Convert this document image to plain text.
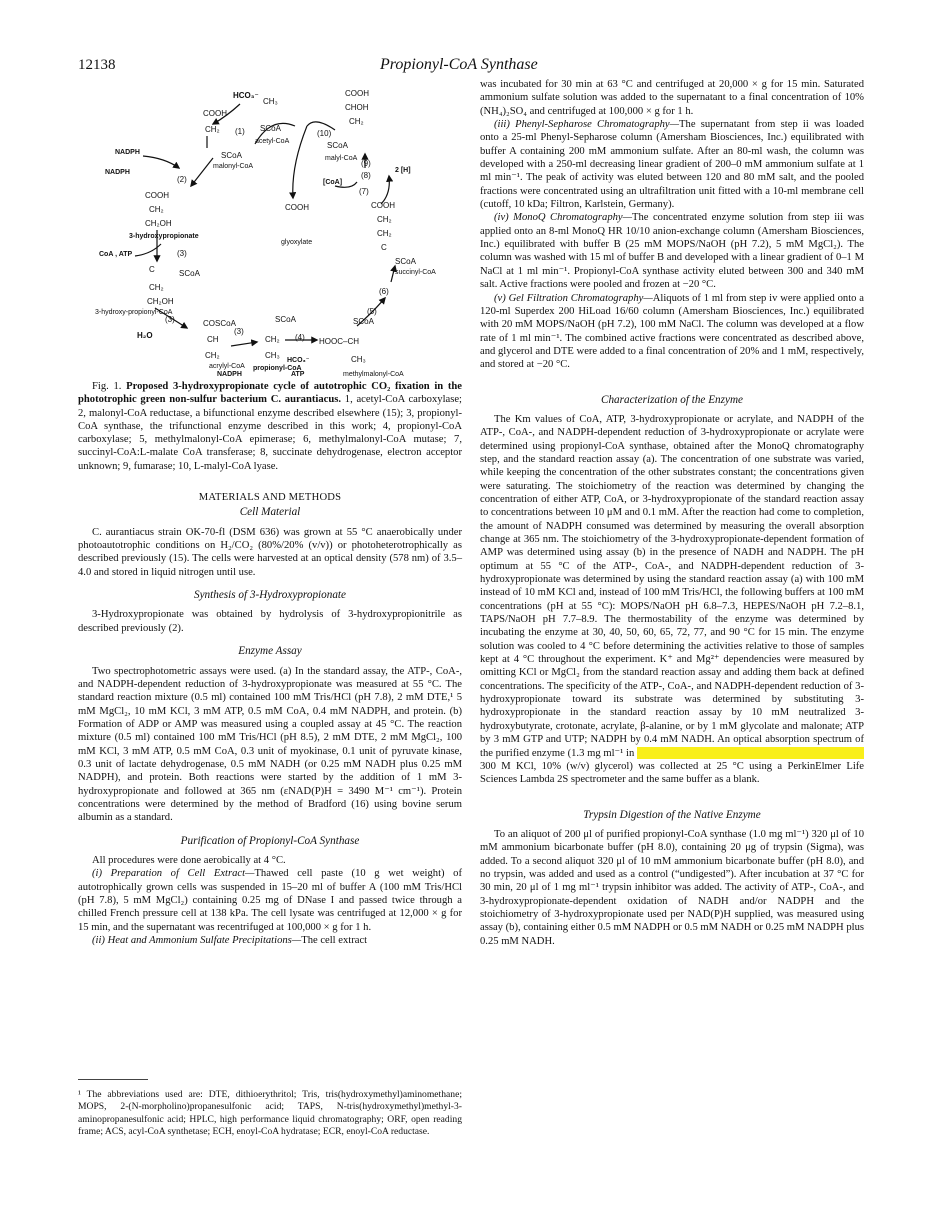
12138	Propionyl-CoA Synthase
HCO₃⁻
CH₃
COOH
CH₂ (1) SCoA
acetyl-CoA
SCoA
malonyl-CoA
NADPH
NADPH
(2)
COOH
CH₂
CH₂OH
3-hydroxypropionate
CoA , ATP	(3)
SCoA
C
CH₂
CH₂OH
3-hydroxy-propionyl-CoA
(3)
H₂O
COSCoA
CH
CH₂
acrylyl-CoA
NADPH
(3)
SCoA
CH₂
CH₃
propionyl-CoA
HCO₃⁻
ATP
(4) HOOC–CH
SCoA
CH₃
methylmalonyl-CoA
(5)
(6)
succinyl-CoA
SCoA
C
CH₂
CH₂
COOH
(7)
[CoA]
(8)
(9)
2 [H]
SCoA
malyl-CoA
COOH
CHOH
CH₂
(10)
COOH
glyoxylate

Fig. 1. Proposed 3-hydroxypropionate cycle of autotrophic CO₂ fixation in the phototrophic green non-sulfur bacterium C. aurantiacus. 1, acetyl-CoA carboxylase; 2, malonyl-CoA reductase, a bifunctional enzyme described elsewhere (15); 3, propionyl-CoA synthase, the trifunctional enzyme described in this work; 4, propionyl-CoA carboxylase; 5, methylmalonyl-CoA epimerase; 6, methylmalonyl-CoA mutase; 7, succinyl-CoA:L-malate CoA transferase; 8, succinate dehydrogenase, electron acceptor unknown; 9, fumarase; 10, L-malyl-CoA lyase.

MATERIALS AND METHODS
Cell Material

C. aurantiacus strain OK-70-fl (DSM 636) was grown at 55 °C anaerobically under photoautotrophic conditions on H₂/CO₂ (80%/20% (v/v)) or photoheterotrophically as described previously (15). The cells were harvested at an optical density (578 nm) of 3.5–4.0 and stored in liquid nitrogen until use.

Synthesis of 3-Hydroxypropionate

3-Hydroxypropionate was obtained by hydrolysis of 3-hydroxypropionitrile as described previously (2).

Enzyme Assay

Two spectrophotometric assays were used. (a) In the standard assay, the ATP-, CoA-, and NADPH-dependent reduction of 3-hydroxypropionate was measured at 55 °C. The standard reaction mixture (0.5 ml) contained 100 mM Tris/HCl (pH 7.8), 2 mM DTE,¹ 5 mM MgCl₂, 10 mM KCl, 3 mM ATP, 0.5 mM CoA, 0.4 mM NADPH, and protein. (b) Formation of ADP or AMP was measured using a coupled assay at 45 °C. The reaction mixture (0.5 ml) contained 100 mM Tris/HCl (pH 8.5), 2 mM DTE, 2 mM MgCl₂, 100 mM KCl, 3 mM ATP, 0.5 mM CoA, 0.3 unit of myokinase, 0.1 unit of pyruvate kinase, 0.3 unit of lactate dehydrogenase, 0.5 mM NADH (or 0.25 mM NADH plus 0.25 mM NADPH), and protein. Both reactions were started by the addition of 1 mM 3-hydroxypropionate and followed at 365 nm (εNAD(P)H = 3490 M⁻¹ cm⁻¹). Protein concentrations were determined by the method of Bradford (16) using bovine serum albumin as a standard.

Purification of Propionyl-CoA Synthase

All procedures were done aerobically at 4 °C.

(i) Preparation of Cell Extract—Thawed cell paste (10 g wet weight) of autotrophically grown cells was suspended in 15–20 ml of buffer A (100 mM Tris/HCl (pH 7.8), 5 mM MgCl₂) containing 0.25 mg of DNase I and passed twice through a chilled French pressure cell at 138 kPa. The cell lysate was centrifuged at 12,000 × g for 15 min, and the supernatant was recentrifuged at 100,000 × g for 1 h.

(ii) Heat and Ammonium Sulfate Precipitations—The cell extract

¹ The abbreviations used are: DTE, dithioerythritol; Tris, tris(hydroxymethyl)aminomethane; MOPS, 2-(N-morpholino)propanesulfonic acid; TAPS, N-tris(hydroxymethyl)methyl-3-aminopropanesulfonic acid; HPLC, high performance liquid chromatography; ORF, open reading frame; ACS, acyl-CoA synthetase; ECH, enoyl-CoA hydratase; ECR, enoyl-CoA reductase.

was incubated for 30 min at 63 °C and centrifuged at 20,000 × g for 15 min. Saturated ammonium sulfate solution was added to the supernatant to a final concentration of 10% (NH₄)₂SO₄ and centrifuged at 100,000 × g for 1 h.

(iii) Phenyl-Sepharose Chromatography—The supernatant from step ii was loaded onto a 25-ml Phenyl-Sepharose column (Amersham Biosciences, Inc.) equilibrated with buffer A containing 200 mM ammonium sulfate. After an 80-ml wash, the column was developed with a 250-ml decreasing linear gradient of 200–0 mM ammonium sulfate at 1 ml min⁻¹. The peak of activity was eluted between 120 and 80 mM salt, and the pooled fractions were concentrated using an ultrafiltration unit fitted with a 10-ml membrane cell (cutoff, 10 kDa; Filtron, Karlstein, Germany).

(iv) MonoQ Chromatography—The concentrated enzyme solution from step iii was applied onto an 8-ml MonoQ HR 10/10 anion-exchange column (Amersham Biosciences, Inc.) equilibrated with buffer B (25 mM MOPS/NaOH (pH 7.2), 5 mM MgCl₂). The column was washed with 15 ml of buffer B and developed with a linear gradient of 0–1 M NaCl at 1 ml min⁻¹. Propionyl-CoA synthase activity eluted between 300 and 340 mM salt. Active fractions were pooled and frozen at −20 °C.

(v) Gel Filtration Chromatography—Aliquots of 1 ml from step iv were applied onto a 120-ml Superdex 200 HiLoad 16/60 column (Amersham Biosciences, Inc.) equilibrated with 20 mM MOPS/NaOH (pH 7.2), 100 mM NaCl. The column was developed at a flow rate of 1 ml min⁻¹. The combined active fractions were concentrated as described above, and glycerol and DTE were added to a final concentration of 20% and 1 mM, respectively, and stored at −20 °C.

Characterization of the Enzyme

The Km values of CoA, ATP, 3-hydroxypropionate or acrylate, and NADPH of the ATP-, CoA-, and NADPH-dependent reduction of 3-hydroxypropionate or acrylate were determined using propionyl-CoA synthase, obtained after the MonoQ chromatography step, and the standard reaction assay (a). The concentration of one substrate was varied, while keeping the concentration of the other substrates constant; the concentrations given were saturating. The stoichiometry of the reaction was determined by changing the concentration of either ATP, CoA, or 3-hydroxypropionate of the standard reaction assay to concentrations between 10 μM and 0.1 mM. After the reaction had come to completion, the amount of NADPH consumed was determined by measuring the overall absorption change at 365 nm. The stoichiometry of the 3-hydroxypropionate-dependent formation of AMP was determined using assay (b) in the presence of NADH and NADPH. The pH optimum at 55 °C of the ATP-, CoA-, and NADPH-dependent reduction of 3-hydroxypropionate was determined by using the standard reaction assay (a) with 100 mM instead of 10 mM KCl and, instead of 100 mM Tris/HCl, the following buffers at 100 mM concentrations (pH at 55 °C): MOPS/NaOH pH 6.8–7.3, HEPES/NaOH pH 7.2–8.1, TAPS/NaOH pH 7.7–8.9. The thermostability of the enzyme was determined by incubating the enzyme at 30, 40, 50, 60, 65, 72, 77, and 90 °C for 15 min. The enzyme solution was cooled to 4 °C before determining the activities relative to those of samples kept at 4 °C throughout the experiment. K⁺ and Mg²⁺ dependencies were measured by omitting KCl or MgCl₂ from the standard reaction assay and adding them back at defined concentrations. The specificity of the ATP-, CoA-, and NADPH-dependent reduction of 3-hydroxypropionate toward its substrate was determined by substituting 3-hydroxypropionate in the standard reaction assay by 10 mM neutralized 3-hydroxybutyrate, crotonate, acrylate, β-alanine, or by 1 mM glycolate and malonate; ATP by 3 mM GTP and UTP; NADPH by 0.4 mM NADH. An optical absorption spectrum of the purified enzyme (1.3 mg ml⁻¹ in  300 M KCl, 10% (w/v) glycerol) was collected at 25 °C using a PerkinElmer Life Sciences Lambda 2S spectrometer and the same buffer as a blank.

Trypsin Digestion of the Native Enzyme

To an aliquot of 200 μl of purified propionyl-CoA synthase (1.0 mg ml⁻¹) 320 μl of 10 mM ammonium bicarbonate buffer (pH 8.0), containing 20 μg of trypsin (Sigma), was added. To a second aliquot 320 μl of 10 mM ammonium bicarbonate buffer (pH 8.0), and no trypsin, was added and used as a control (“undigested”). After incubation at 37 °C for 30 min, 20 μl of 1 mg ml⁻¹ trypsin inhibitor was added. The activity of ATP-, CoA-, and 3-hydroxypropionate-dependent oxidation of NADH and/or NADPH and the stoichiometry of 3-hydroxypropionate used per NAD(P)H supplied, was measured using assay (b), containing either 0.5 mM NADPH or 0.5 mM NADH or 0.25 mM NADPH plus 0.25 mM NADH.
